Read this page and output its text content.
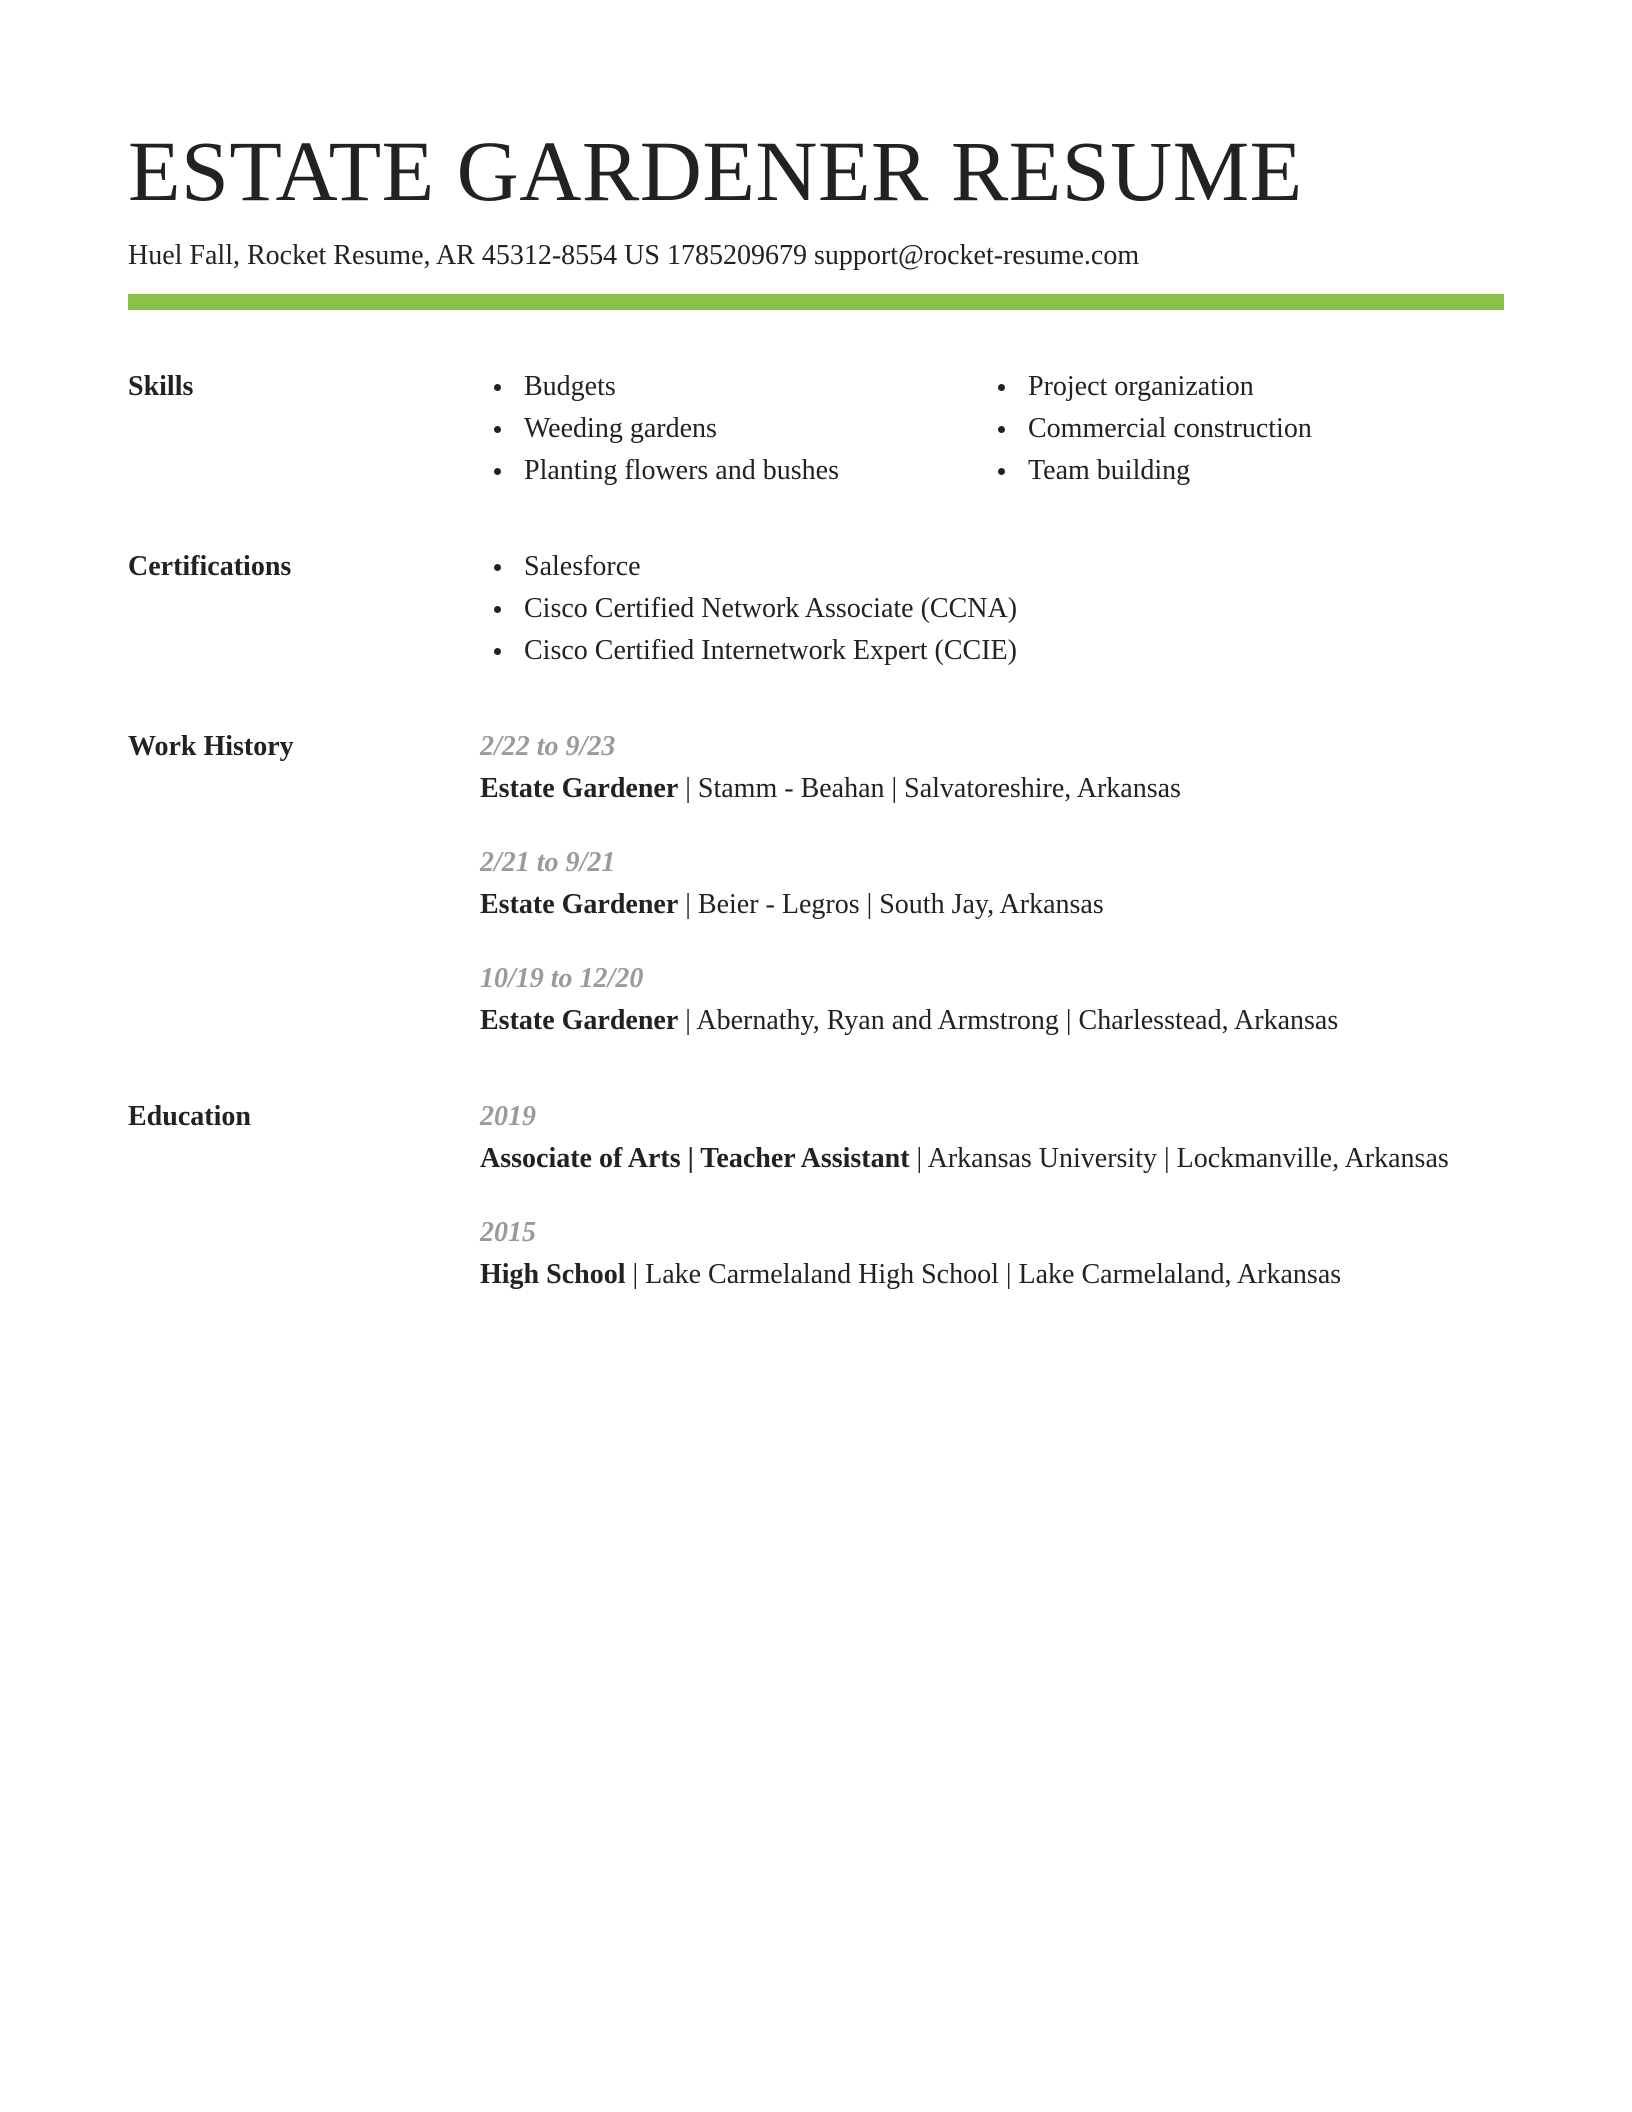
ESTATE GARDENER RESUME
Huel Fall, Rocket Resume, AR 45312-8554 US 1785209679 support@rocket-resume.com
Skills	Budgets
Weeding gardens
Planting flowers and bushes
Project organization
Commercial construction
Team building
Certifications	Salesforce
Cisco Certified Network Associate (CCNA)
Cisco Certified Internetwork Expert (CCIE)
Work History	2/22 to 9/23
Estate Gardener | Stamm - Beahan | Salvatoreshire, Arkansas
2/21 to 9/21
Estate Gardener | Beier - Legros | South Jay, Arkansas
10/19 to 12/20
Estate Gardener | Abernathy, Ryan and Armstrong | Charlesstead, Arkansas
Education	2019
Associate of Arts | Teacher Assistant | Arkansas University | Lockmanville, Arkansas
2015
High School | Lake Carmelaland High School | Lake Carmelaland, Arkansas
